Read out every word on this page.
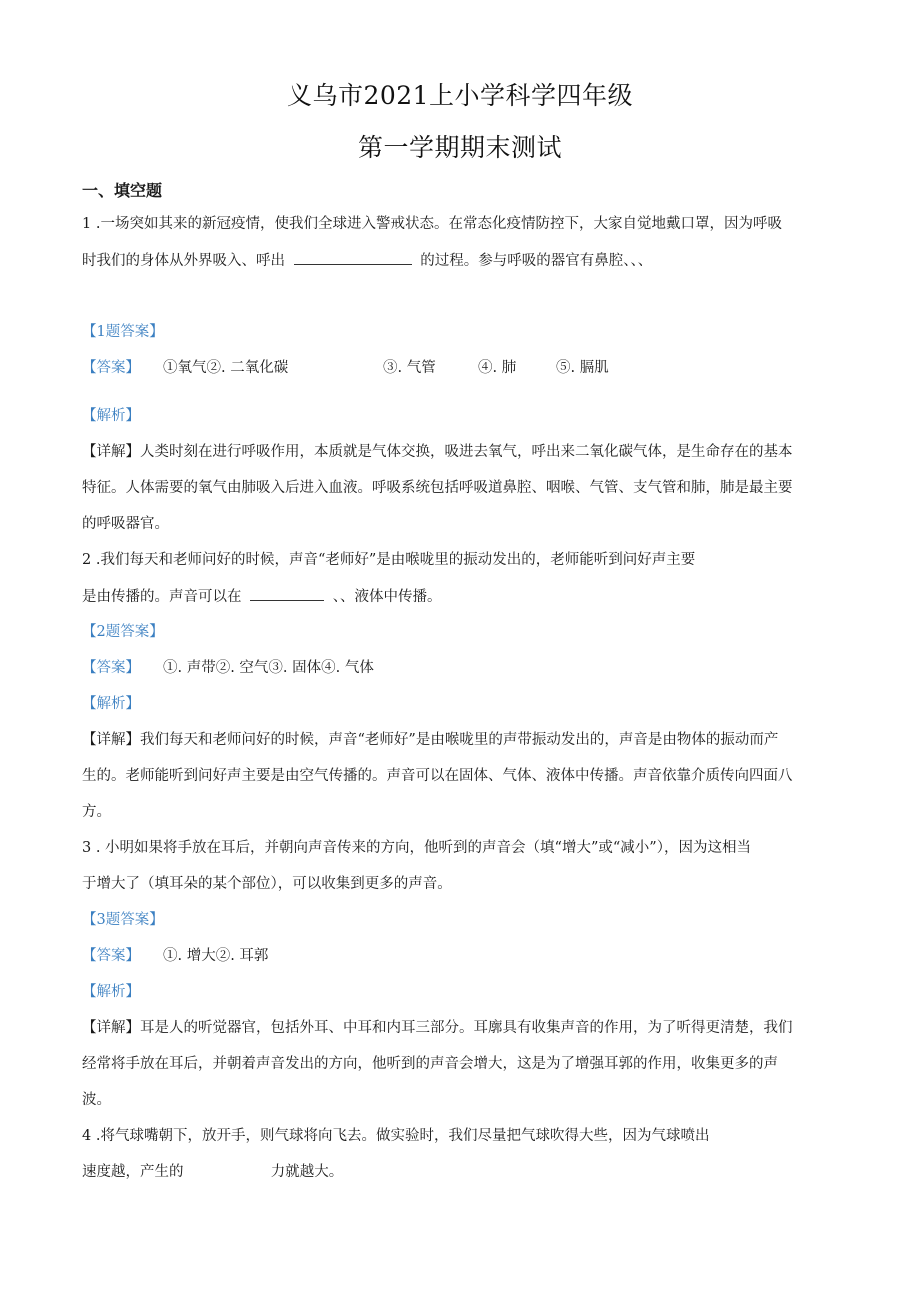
义乌市2021上小学科学四年级
第一学期期末测试
一、填空题
1 .一场突如其来的新冠疫情，使我们全球进入警戒状态。在常态化疫情防控下，大家自觉地戴口罩，因为呼吸
时我们的身体从外界吸入、呼出	的过程。参与呼吸的器官有鼻腔、、、
【1题答案】
【答案】 ①氧气②. 二氧化碳	③. 气管	④. 肺	⑤. 膈肌
【解析】
【详解】人类时刻在进行呼吸作用，本质就是气体交换，吸进去氧气，呼出来二氧化碳气体，是生命存在的基本
特征。人体需要的氧气由肺吸入后进入血液。呼吸系统包括呼吸道鼻腔、咽喉、气管、支气管和肺，肺是最主要
的呼吸器官。
2 .我们每天和老师问好的时候，声音“老师好”是由喉咙里的振动发出的，老师能听到问好声主要
是由传播的。声音可以在	、、液体中传播。
【2题答案】
【答案】 ①. 声带②. 空气③. 固体④. 气体
【解析】
【详解】我们每天和老师问好的时候，声音“老师好”是由喉咙里的声带振动发出的，声音是由物体的振动而产
生的。老师能听到问好声主要是由空气传播的。声音可以在固体、气体、液体中传播。声音依靠介质传向四面八
方。
3 . 小明如果将手放在耳后，并朝向声音传来的方向，他听到的声音会（填“增大”或“减小”），因为这相当
于增大了（填耳朵的某个部位），可以收集到更多的声音。
【3题答案】
【答案】 ①. 增大②. 耳郭
【解析】
【详解】耳是人的听觉器官，包括外耳、中耳和内耳三部分。耳廓具有收集声音的作用，为了听得更清楚，我们
经常将手放在耳后，并朝着声音发出的方向，他听到的声音会增大，这是为了增强耳郭的作用，收集更多的声
波。
4 .将气球嘴朝下，放开手，则气球将向飞去。做实验时，我们尽量把气球吹得大些，因为气球喷出
速度越，产生的	力就越大。
